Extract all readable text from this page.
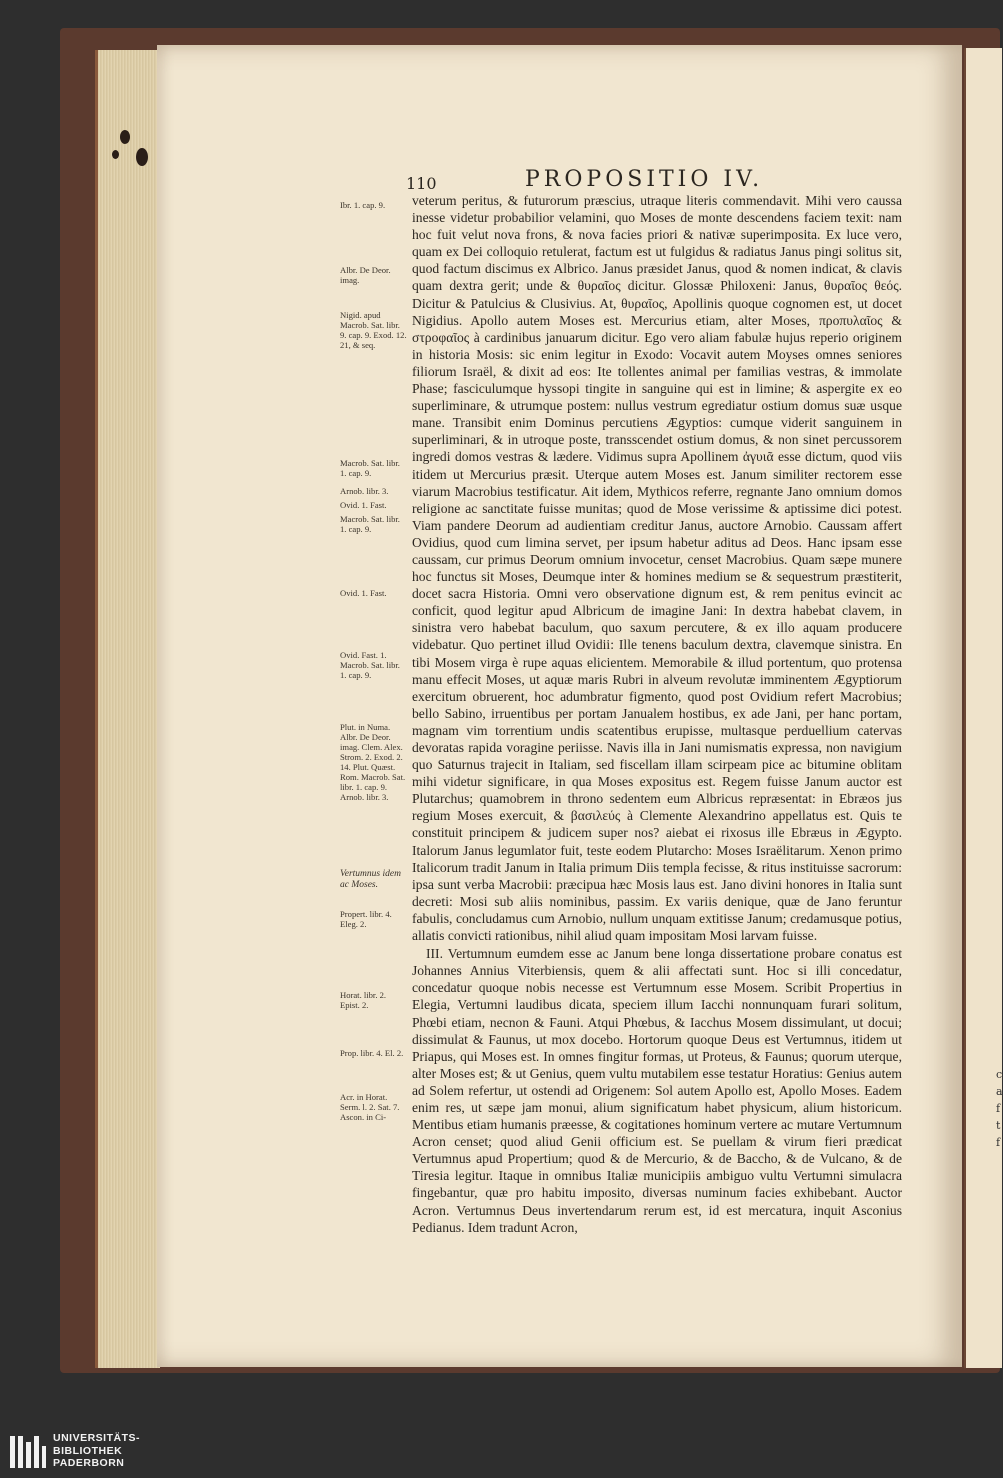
c
a
f
t
f
110	PROPOSITIO IV.
Ibr. 1. cap. 9.
Albr. De Deor. imag.
Nigid. apud Macrob. Sat. libr. 9. cap. 9. Exod. 12. 21, & seq.
Macrob. Sat. libr. 1. cap. 9.
Arnob. libr. 3.
Ovid. 1. Fast.
Macrob. Sat. libr. 1. cap. 9.
Ovid. 1. Fast.
Ovid. Fast. 1. Macrob. Sat. libr. 1. cap. 9.
Plut. in Numa. Albr. De Deor. imag. Clem. Alex. Strom. 2. Exod. 2. 14. Plut. Quæst. Rom. Macrob. Sat. libr. 1. cap. 9. Arnob. libr. 3.
Vertumnus idem ac Moses.
Propert. libr. 4. Eleg. 2.
Horat. libr. 2. Epist. 2.
Prop. libr. 4. El. 2.
Acr. in Horat. Serm. l. 2. Sat. 7. Ascon. in Ci-

veterum peritus, & futurorum præscius, utraque literis commendavit. Mihi vero caussa inesse videtur probabilior velamini, quo Moses de monte descendens faciem texit: nam hoc fuit velut nova frons, & nova facies priori & nativæ superimposita. Ex luce vero, quam ex Dei colloquio retulerat, factum est ut fulgidus & radiatus Janus pingi solitus sit, quod factum discimus ex Albrico. Janus præsidet Janus, quod & nomen indicat, & clavis quam dextra gerit; unde & θυραῖος dicitur. Glossæ Philoxeni: Janus, θυραῖος θεός. Dicitur & Patulcius & Clusivius. At, θυραῖος, Apollinis quoque cognomen est, ut docet Nigidius. Apollo autem Moses est. Mercurius etiam, alter Moses, πρoπυλαῖος & στροφαῖος à cardinibus januarum dicitur. Ego vero aliam fabulæ hujus reperio originem in historia Mosis: sic enim legitur in Exodo: Vocavit autem Moyses omnes seniores filiorum Israël, & dixit ad eos: Ite tollentes animal per familias vestras, & immolate Phase; fasciculumque hyssopi tingite in sanguine qui est in limine; & aspergite ex eo superliminare, & utrumque postem: nullus vestrum egrediatur ostium domus suæ usque mane. Transibit enim Dominus percutiens Ægyptios: cumque viderit sanguinem in superliminari, & in utroque poste, transscendet ostium domus, & non sinet percussorem ingredi domos vestras & lædere. Vidimus supra Apollinem ἀγυιᾶ esse dictum, quod viis itidem ut Mercurius præsit. Uterque autem Moses est. Janum similiter rectorem esse viarum Macrobius testificatur. Ait idem, Mythicos referre, regnante Jano omnium domos religione ac sanctitate fuisse munitas; quod de Mose verissime & aptissime dici potest. Viam pandere Deorum ad audientiam creditur Janus, auctore Arnobio. Caussam affert Ovidius, quod cum limina servet, per ipsum habetur aditus ad Deos. Hanc ipsam esse caussam, cur primus Deorum omnium invocetur, censet Macrobius. Quam sæpe munere hoc functus sit Moses, Deumque inter & homines medium se & sequestrum præstiterit, docet sacra Historia. Omni vero observatione dignum est, & rem penitus evincit ac conficit, quod legitur apud Albricum de imagine Jani: In dextra habebat clavem, in sinistra vero habebat baculum, quo saxum percutere, & ex illo aquam producere videbatur. Quo pertinet illud Ovidii: Ille tenens baculum dextra, clavemque sinistra. En tibi Mosem virga è rupe aquas elicientem. Memorabile & illud portentum, quo protensa manu effecit Moses, ut aquæ maris Rubri in alveum revolutæ imminentem Ægyptiorum exercitum obruerent, hoc adumbratur figmento, quod post Ovidium refert Macrobius; bello Sabino, irruentibus per portam Janualem hostibus, ex ade Jani, per hanc portam, magnam vim torrentium undis scatentibus erupisse, multasque perduellium catervas devoratas rapida voragine periisse. Navis illa in Jani numismatis expressa, non navigium quo Saturnus trajecit in Italiam, sed fiscellam illam scirpeam pice ac bitumine oblitam mihi videtur significare, in qua Moses expositus est. Regem fuisse Janum auctor est Plutarchus; quamobrem in throno sedentem eum Albricus repræsentat: in Ebræos jus regium Moses exercuit, & βασιλεύς à Clemente Alexandrino appellatus est. Quis te constituit principem & judicem super nos? aiebat ei rixosus ille Ebræus in Ægypto. Italorum Janus legumlator fuit, teste eodem Plutarcho: Moses Israëlitarum. Xenon primo Italicorum tradit Janum in Italia primum Diis templa fecisse, & ritus instituisse sacrorum: ipsa sunt verba Macrobii: præcipua hæc Mosis laus est. Jano divini honores in Italia sunt decreti: Mosi sub aliis nominibus, passim. Ex variis denique, quæ de Jano feruntur fabulis, concludamus cum Arnobio, nullum unquam extitisse Janum; credamusque potius, allatis convicti rationibus, nihil aliud quam impositam Mosi larvam fuisse.

III. Vertumnum eumdem esse ac Janum bene longa dissertatione probare conatus est Johannes Annius Viterbiensis, quem & alii affectati sunt. Hoc si illi concedatur, concedatur quoque nobis necesse est Vertumnum esse Mosem. Scribit Propertius in Elegia, Vertumni laudibus dicata, speciem illum Iacchi nonnunquam furari solitum, Phœbi etiam, necnon & Fauni. Atqui Phœbus, & Iacchus Mosem dissimulant, ut docui; dissimulat & Faunus, ut mox docebo. Hortorum quoque Deus est Vertumnus, itidem ut Priapus, qui Moses est. In omnes fingitur formas, ut Proteus, & Faunus; quorum uterque, alter Moses est; & ut Genius, quem vultu mutabilem esse testatur Horatius: Genius autem ad Solem refertur, ut ostendi ad Origenem: Sol autem Apollo est, Apollo Moses. Eadem enim res, ut sæpe jam monui, alium significatum habet physicum, alium historicum. Mentibus etiam humanis præesse, & cogitationes hominum vertere ac mutare Vertumnum Acron censet; quod aliud Genii officium est. Se puellam & virum fieri prædicat Vertumnus apud Propertium; quod & de Mercurio, & de Baccho, & de Vulcano, & de Tiresia legitur. Itaque in omnibus Italiæ municipiis ambiguo vultu Vertumni simulacra fingebantur, quæ pro habitu imposito, diversas numinum facies exhibebant. Auctor Acron. Vertumnus Deus invertendarum rerum est, id est mercatura, inquit Asconius Pedianus. Idem tradunt Acron,

UNIVERSITÄTS-
BIBLIOTHEK
PADERBORN
